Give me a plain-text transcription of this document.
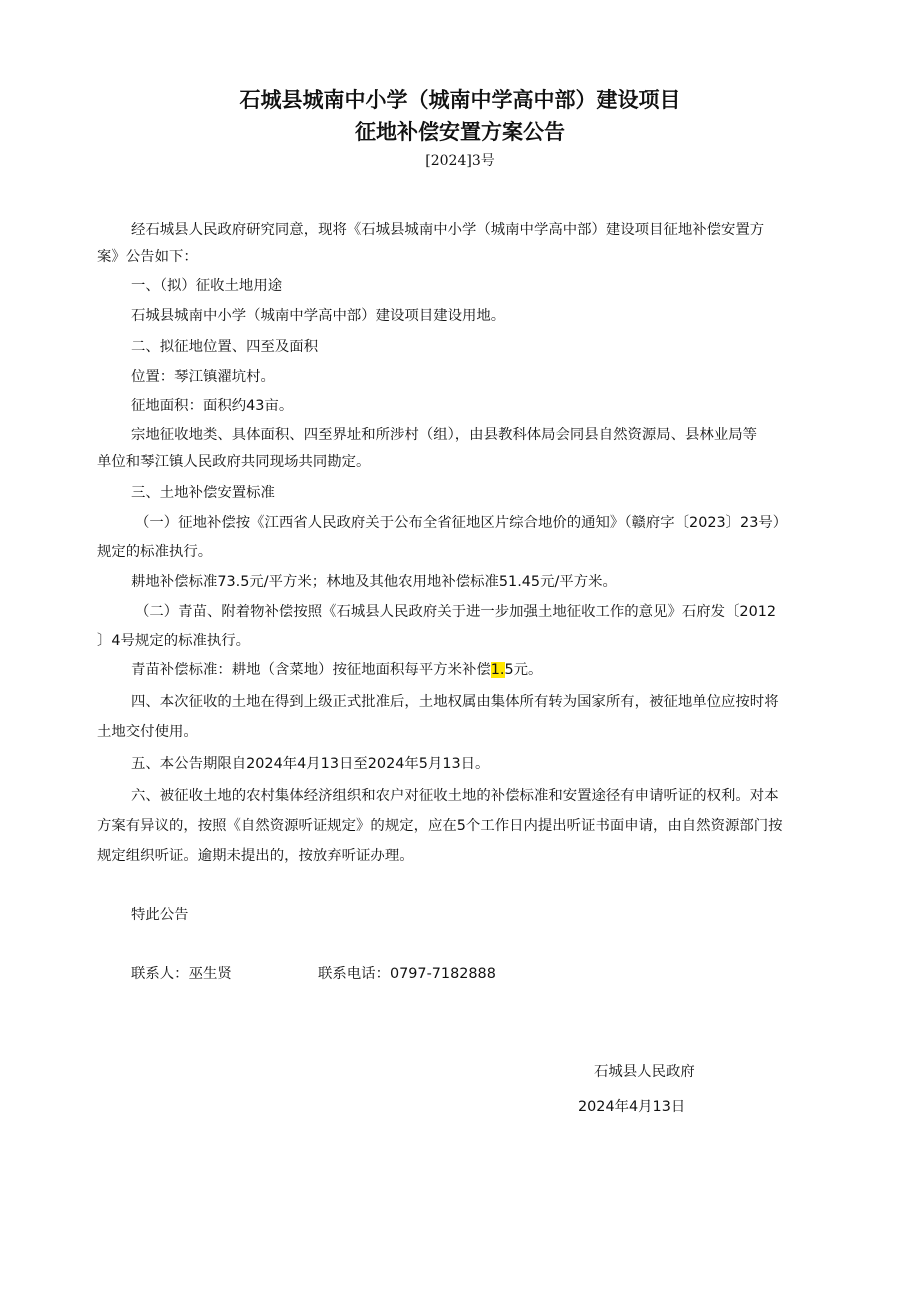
石城县城南中小学（城南中学高中部）建设项目
征地补偿安置方案公告

[2024]3号

经石城县人民政府研究同意，现将《石城县城南中小学（城南中学高中部）建设项目征地补偿安置方

案》公告如下：

一、（拟）征收土地用途

石城县城南中小学（城南中学高中部）建设项目建设用地。

二、拟征地位置、四至及面积

位置：琴江镇濯坑村。

征地面积：面积约43亩。

宗地征收地类、具体面积、四至界址和所涉村（组），由县教科体局会同县自然资源局、县林业局等

单位和琴江镇人民政府共同现场共同勘定。

三、土地补偿安置标准

（一）征地补偿按《江西省人民政府关于公布全省征地区片综合地价的通知》（赣府字〔2023〕23号）

规定的标准执行。

耕地补偿标准73.5元/平方米；林地及其他农用地补偿标准51.45元/平方米。

（二）青苗、附着物补偿按照《石城县人民政府关于进一步加强土地征收工作的意见》石府发〔2012

〕4号规定的标准执行。

青苗补偿标准：耕地（含菜地）按征地面积每平方米补偿1.5元。

四、本次征收的土地在得到上级正式批准后，土地权属由集体所有转为国家所有，被征地单位应按时将

土地交付使用。

五、本公告期限自2024年4月13日至2024年5月13日。

六、被征收土地的农村集体经济组织和农户对征收土地的补偿标准和安置途径有申请听证的权利。对本

方案有异议的，按照《自然资源听证规定》的规定，应在5个工作日内提出听证书面申请，由自然资源部门按

规定组织听证。逾期未提出的，按放弃听证办理。

特此公告

联系人：巫生贤	联系电话：0797-7182888

石城县人民政府

2024年4月13日
